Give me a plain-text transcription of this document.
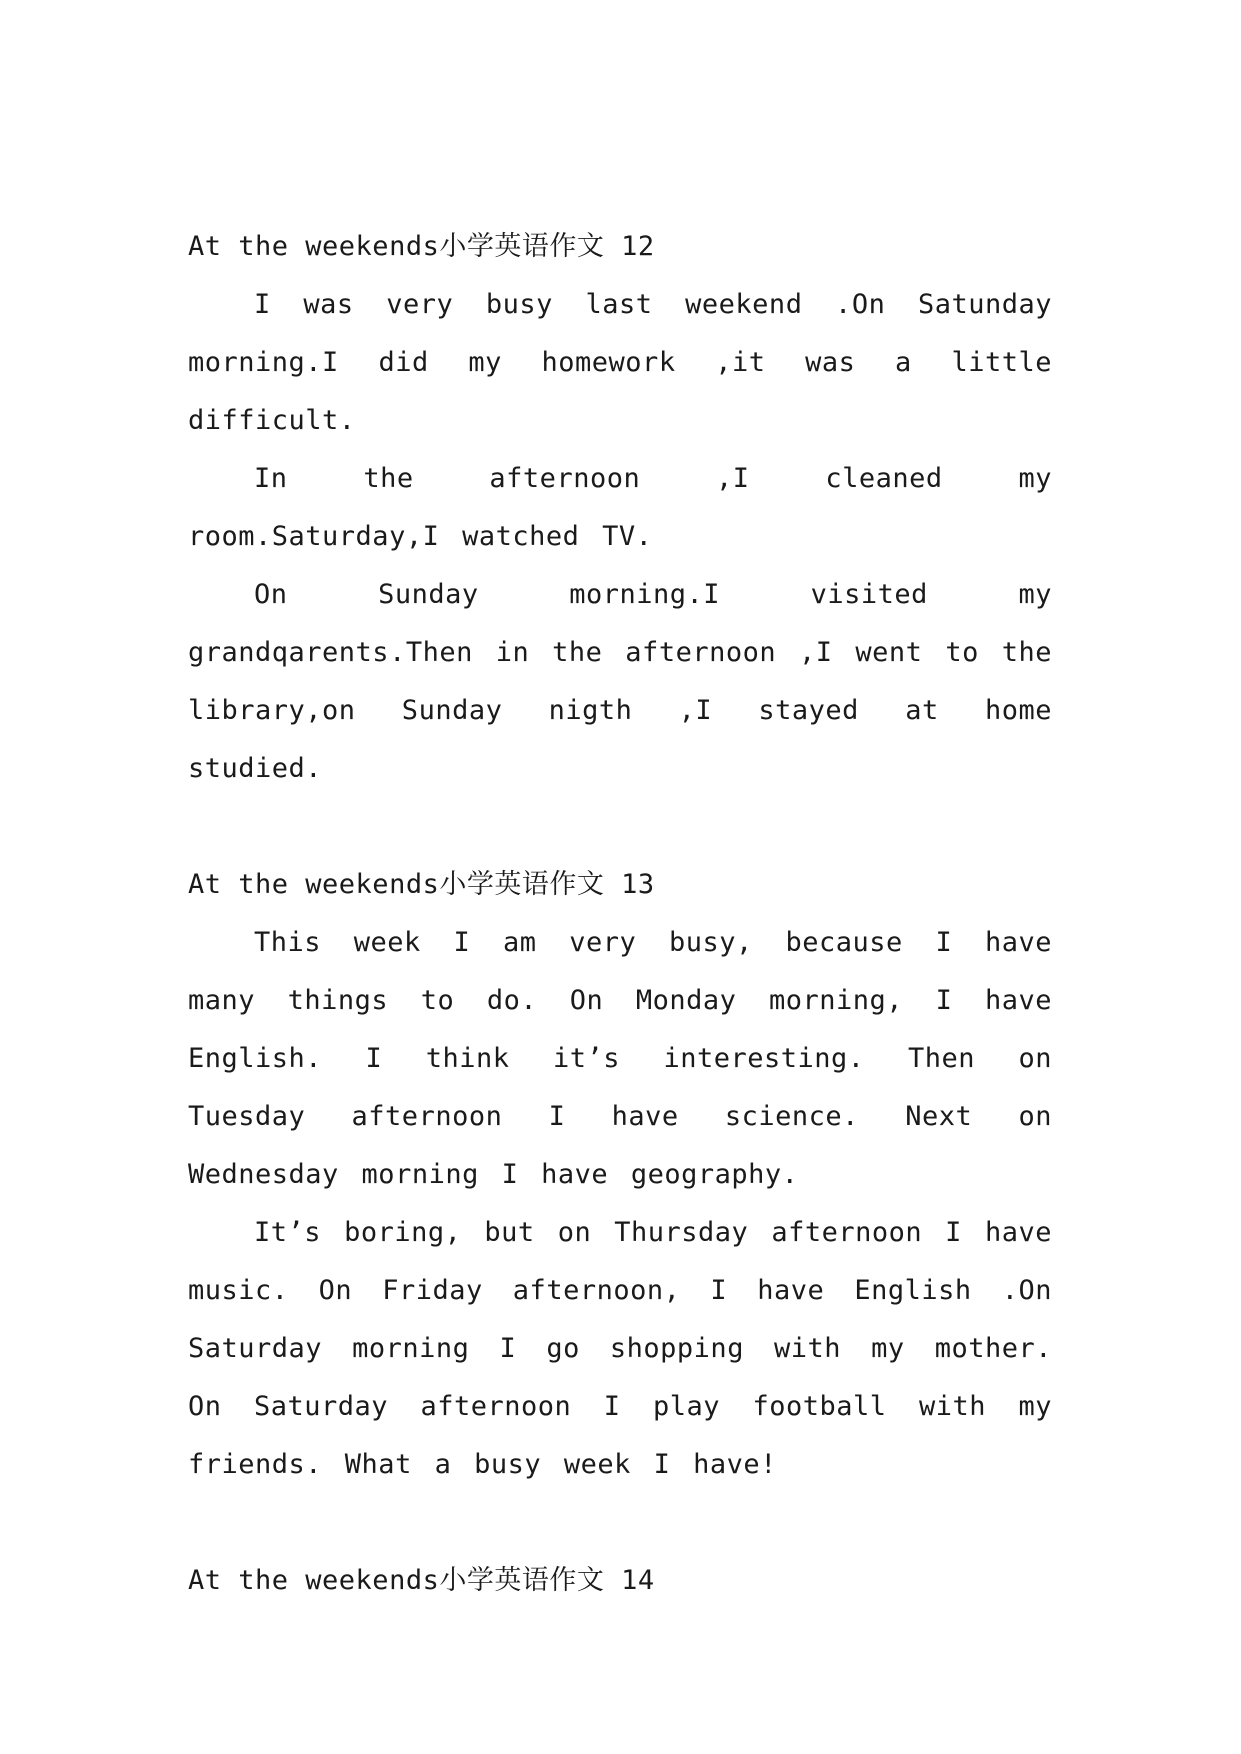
At the weekends小学英语作文 12
I was very busy last weekend .On Satunday morning.I did my homework ,it was a little difficult.
In the afternoon ,I cleaned my room.Saturday,I watched TV.
On Sunday morning.I visited my grandqarents.Then in the afternoon ,I went to the library,on Sunday nigth ,I stayed at home studied.
At the weekends小学英语作文 13
This week I am very busy, because I have many things to do. On Monday morning, I have English. I think it’s interesting. Then on Tuesday afternoon I have science. Next on Wednesday morning I have geography.
It’s boring, but on Thursday afternoon I have music. On Friday afternoon, I have English .On Saturday morning I go shopping with my mother. On Saturday afternoon I play football with my friends. What a busy week I have!
At the weekends小学英语作文 14
